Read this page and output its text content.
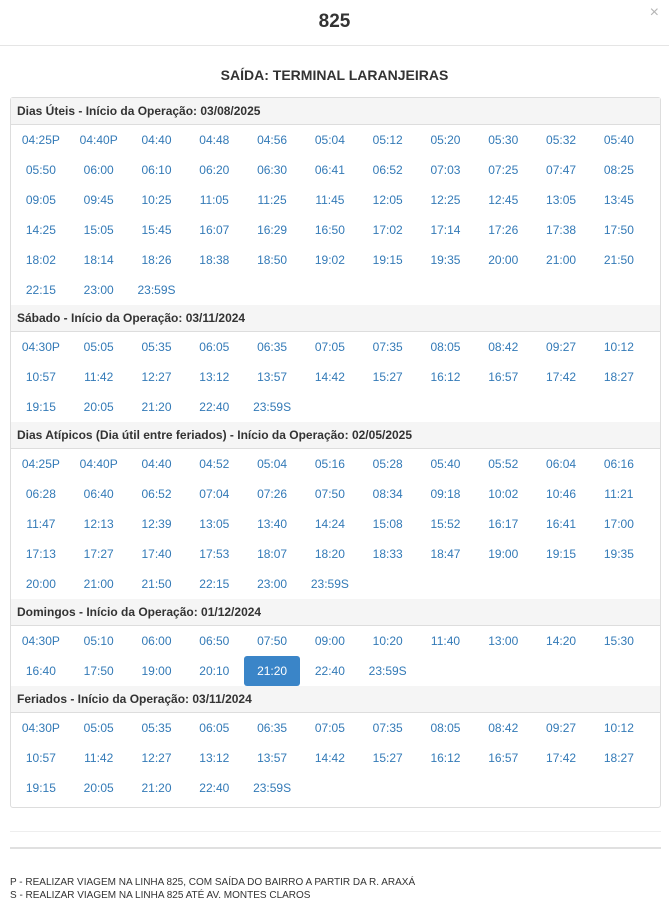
825	×
SAÍDA: TERMINAL LARANJEIRAS
Dias Úteis - Início da Operação: 03/08/2025
04:25P	04:40P	04:40	04:48	04:56	05:04	05:12	05:20	05:30	05:32	05:40
05:50	06:00	06:10	06:20	06:30	06:41	06:52	07:03	07:25	07:47	08:25
09:05	09:45	10:25	11:05	11:25	11:45	12:05	12:25	12:45	13:05	13:45
14:25	15:05	15:45	16:07	16:29	16:50	17:02	17:14	17:26	17:38	17:50
18:02	18:14	18:26	18:38	18:50	19:02	19:15	19:35	20:00	21:00	21:50
22:15	23:00	23:59S
Sábado - Início da Operação: 03/11/2024
04:30P	05:05	05:35	06:05	06:35	07:05	07:35	08:05	08:42	09:27	10:12
10:57	11:42	12:27	13:12	13:57	14:42	15:27	16:12	16:57	17:42	18:27
19:15	20:05	21:20	22:40	23:59S
Dias Atípicos (Dia útil entre feriados) - Início da Operação: 02/05/2025
04:25P	04:40P	04:40	04:52	05:04	05:16	05:28	05:40	05:52	06:04	06:16
06:28	06:40	06:52	07:04	07:26	07:50	08:34	09:18	10:02	10:46	11:21
11:47	12:13	12:39	13:05	13:40	14:24	15:08	15:52	16:17	16:41	17:00
17:13	17:27	17:40	17:53	18:07	18:20	18:33	18:47	19:00	19:15	19:35
20:00	21:00	21:50	22:15	23:00	23:59S
Domingos - Início da Operação: 01/12/2024
04:30P	05:10	06:00	06:50	07:50	09:00	10:20	11:40	13:00	14:20	15:30
16:40	17:50	19:00	20:10	21:20	22:40	23:59S
Feriados - Início da Operação: 03/11/2024
04:30P	05:05	05:35	06:05	06:35	07:05	07:35	08:05	08:42	09:27	10:12
10:57	11:42	12:27	13:12	13:57	14:42	15:27	16:12	16:57	17:42	18:27
19:15	20:05	21:20	22:40	23:59S
P - REALIZAR VIAGEM NA LINHA 825, COM SAÍDA DO BAIRRO A PARTIR DA R. ARAXÁ
S - REALIZAR VIAGEM NA LINHA 825 ATÉ AV. MONTES CLAROS
